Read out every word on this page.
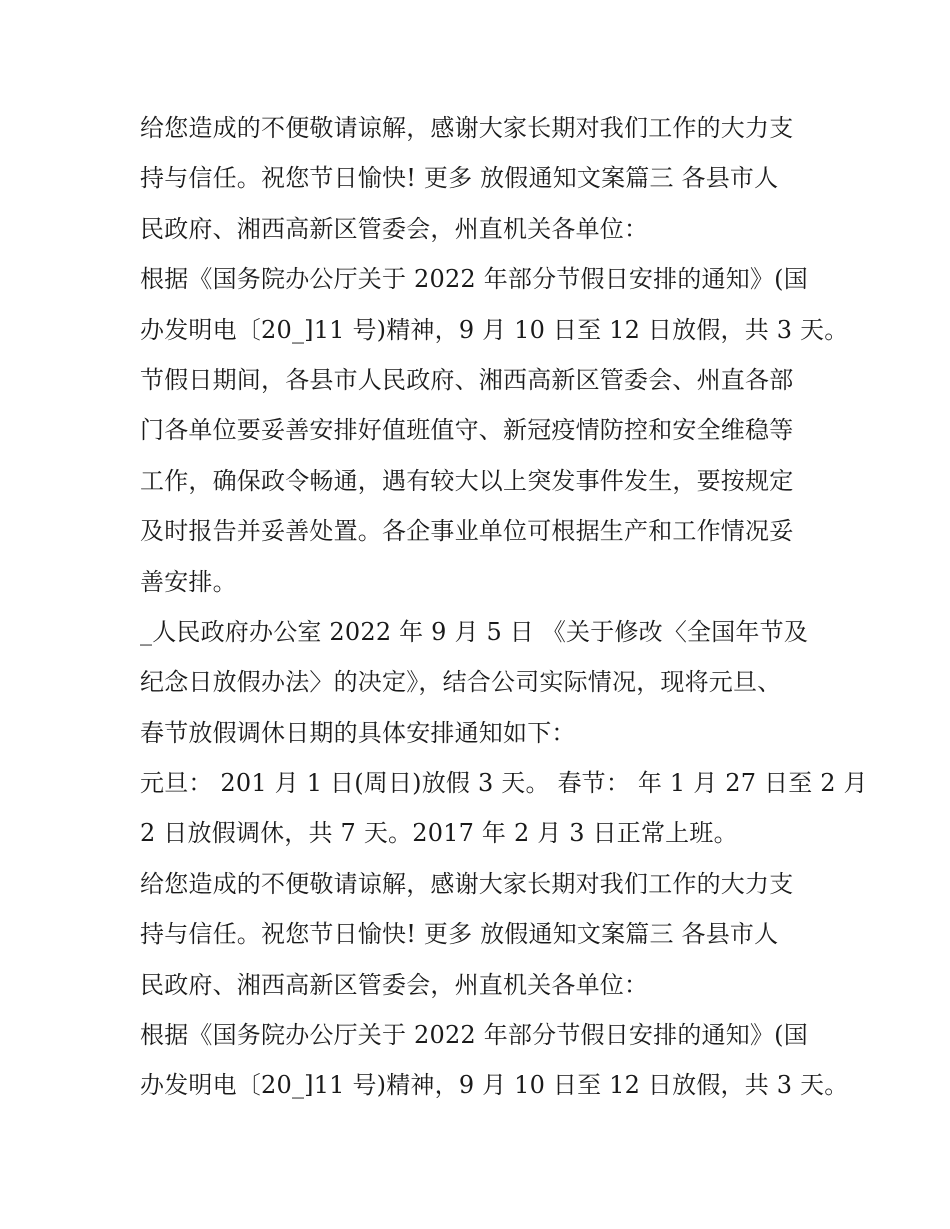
给您造成的不便敬请谅解，感谢大家长期对我们工作的大力支
持与信任。祝您节日愉快! 更多 放假通知文案篇三 各县市人
民政府、湘西高新区管委会，州直机关各单位：
根据《国务院办公厅关于 2022 年部分节假日安排的通知》(国
办发明电〔20_]11 号)精神，9 月 10 日至 12 日放假，共 3 天。
节假日期间，各县市人民政府、湘西高新区管委会、州直各部
门各单位要妥善安排好值班值守、新冠疫情防控和安全维稳等
工作，确保政令畅通，遇有较大以上突发事件发生，要按规定
及时报告并妥善处置。各企事业单位可根据生产和工作情况妥
善安排。
_人民政府办公室 2022 年 9 月 5 日 《关于修改〈全国年节及
纪念日放假办法〉的决定》，结合公司实际情况，现将元旦、
春节放假调休日期的具体安排通知如下：
元旦： 201 月 1 日(周日)放假 3 天。 春节： 年 1 月 27 日至 2 月
2 日放假调休，共 7 天。2017 年 2 月 3 日正常上班。
给您造成的不便敬请谅解，感谢大家长期对我们工作的大力支
持与信任。祝您节日愉快! 更多 放假通知文案篇三 各县市人
民政府、湘西高新区管委会，州直机关各单位：
根据《国务院办公厅关于 2022 年部分节假日安排的通知》(国
办发明电〔20_]11 号)精神，9 月 10 日至 12 日放假，共 3 天。
